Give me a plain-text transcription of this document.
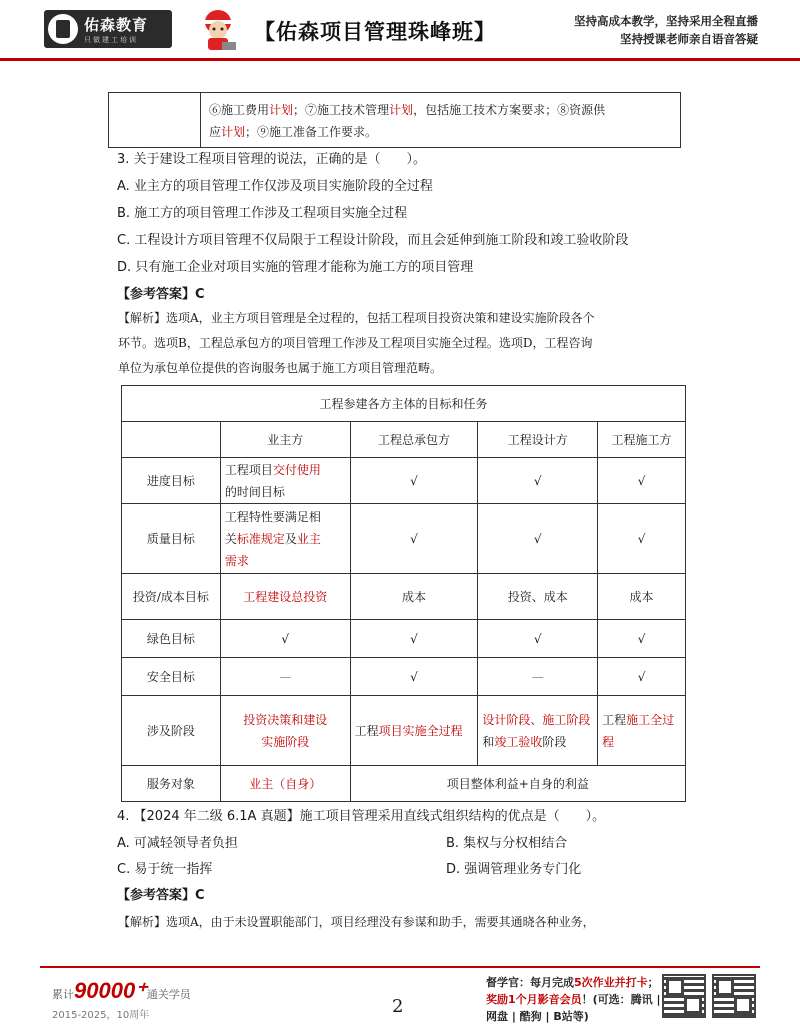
佑森教育
只做建工培训	【佑森项目管理珠峰班】	坚持高成本教学，坚持采用全程直播
坚持授课老师亲自语音答疑
⑥施工费用计划；⑦施工技术管理计划，包括施工技术方案要求；⑧资源供
应计划；⑨施工准备工作要求。
3. 关于建设工程项目管理的说法，正确的是（　　）。
A. 业主方的项目管理工作仅涉及项目实施阶段的全过程
B. 施工方的项目管理工作涉及工程项目实施全过程
C. 工程设计方项目管理不仅局限于工程设计阶段，而且会延伸到施工阶段和竣工验收阶段
D. 只有施工企业对项目实施的管理才能称为施工方的项目管理
【参考答案】C
【解析】选项A，业主方项目管理是全过程的，包括工程项目投资决策和建设实施阶段各个
环节。选项B，工程总承包方的项目管理工作涉及工程项目实施全过程。选项D，工程咨询
单位为承包单位提供的咨询服务也属于施工方项目管理范畴。
工程参建各方主体的目标和任务				
	业主方	工程总承包方	工程设计方	工程施工方
进度目标	工程项目交付使用
的时间目标	√	√	√
质量目标	工程特性要满足相
关标准规定及业主
需求	√	√	√
投资/成本目标	工程建设总投资	成本	投资、成本	成本
绿色目标	√	√	√	√
安全目标	—	√	—	√
涉及阶段	投资决策和建设实施阶段	工程项目实施全过程	设计阶段、施工阶段和竣工验收阶段	工程施工全过程
服务对象	业主（自身）	项目整体利益+自身的利益		
4. 【2024 年二级 6.1A 真题】施工项目管理采用直线式组织结构的优点是（　　）。
A. 可减轻领导者负担	B. 集权与分权相结合
C. 易于统一指挥	D. 强调管理业务专门化
【参考答案】C
【解析】选项A，由于未设置职能部门，项目经理没有参谋和助手，需要其通晓各种业务，
累计90000⁺通关学员
2015-2025，10周年	2
督学官：每月完成5次作业并打卡；
奖励1个月影音会员！(可选：腾讯 |
网盘 | 酷狗 | B站等)
